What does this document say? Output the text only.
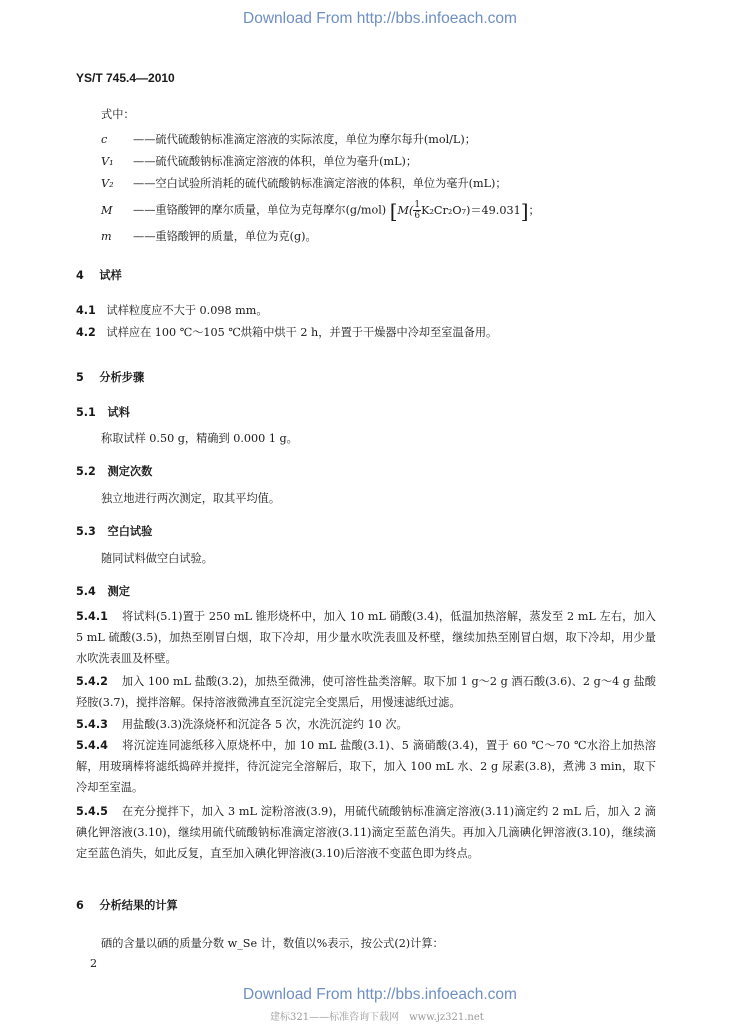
Download From http://bbs.infoeach.com
YS/T 745.4—2010
式中：
c ——硫代硫酸钠标准滴定溶液的实际浓度，单位为摩尔每升(mol/L)；
V₁ ——硫代硫酸钠标准滴定溶液的体积，单位为毫升(mL)；
V₂ ——空白试验所消耗的硫代硫酸钠标准滴定溶液的体积，单位为毫升(mL)；
M ——重铬酸钾的摩尔质量，单位为克每摩尔(g/mol) $[M( \frac{1}{6} K_2Cr_2O_7)=49.031]$；
m ——重铬酸钾的质量，单位为克(g)。
4 试样
4.1 试样粒度应不大于 0.098 mm。
4.2 试样应在 100 ℃～105 ℃烘箱中烘干 2 h，并置于干燥器中冷却至室温备用。
5 分析步骤
5.1 试料
称取试样 0.50 g，精确到 0.000 1 g。
5.2 测定次数
独立地进行两次测定，取其平均值。
5.3 空白试验
随同试料做空白试验。
5.4 测定
5.4.1 将试料(5.1)置于 250 mL 锥形烧杯中，加入 10 mL 硝酸(3.4)，低温加热溶解，蒸发至 2 mL 左右，加入 5 mL 硫酸(3.5)，加热至刚冒白烟，取下冷却，用少量水吹洗表皿及杯壁，继续加热至刚冒白烟，取下冷却，用少量水吹洗表皿及杯壁。
5.4.2 加入 100 mL 盐酸(3.2)，加热至微沸，使可溶性盐类溶解。取下加 1 g～2 g 酒石酸(3.6)、2 g～4 g 盐酸羟胺(3.7)，搅拌溶解。保持溶液微沸直至沉淀完全变黑后，用慢速滤纸过滤。
5.4.3 用盐酸(3.3)洗涤烧杯和沉淀各 5 次，水洗沉淀约 10 次。
5.4.4 将沉淀连同滤纸移入原烧杯中，加 10 mL 盐酸(3.1)、5 滴硝酸(3.4)，置于 60 ℃～70 ℃水浴上加热溶解，用玻璃棒将滤纸捣碎并搅拌，待沉淀完全溶解后，取下，加入 100 mL 水、2 g 尿素(3.8)，煮沸 3 min，取下冷却至室温。
5.4.5 在充分搅拌下，加入 3 mL 淀粉溶液(3.9)，用硫代硫酸钠标准滴定溶液(3.11)滴定约 2 mL 后，加入 2 滴碘化钾溶液(3.10)，继续用硫代硫酸钠标准滴定溶液(3.11)滴定至蓝色消失。再加入几滴碘化钾溶液(3.10)，继续滴定至蓝色消失，如此反复，直至加入碘化钾溶液(3.10)后溶液不变蓝色即为终点。
6 分析结果的计算
硒的含量以硒的质量分数 w_Se 计，数值以%表示，按公式(2)计算：
2
Download From http://bbs.infoeach.com
建标321——标准咨询下载网　www.jz321.net
